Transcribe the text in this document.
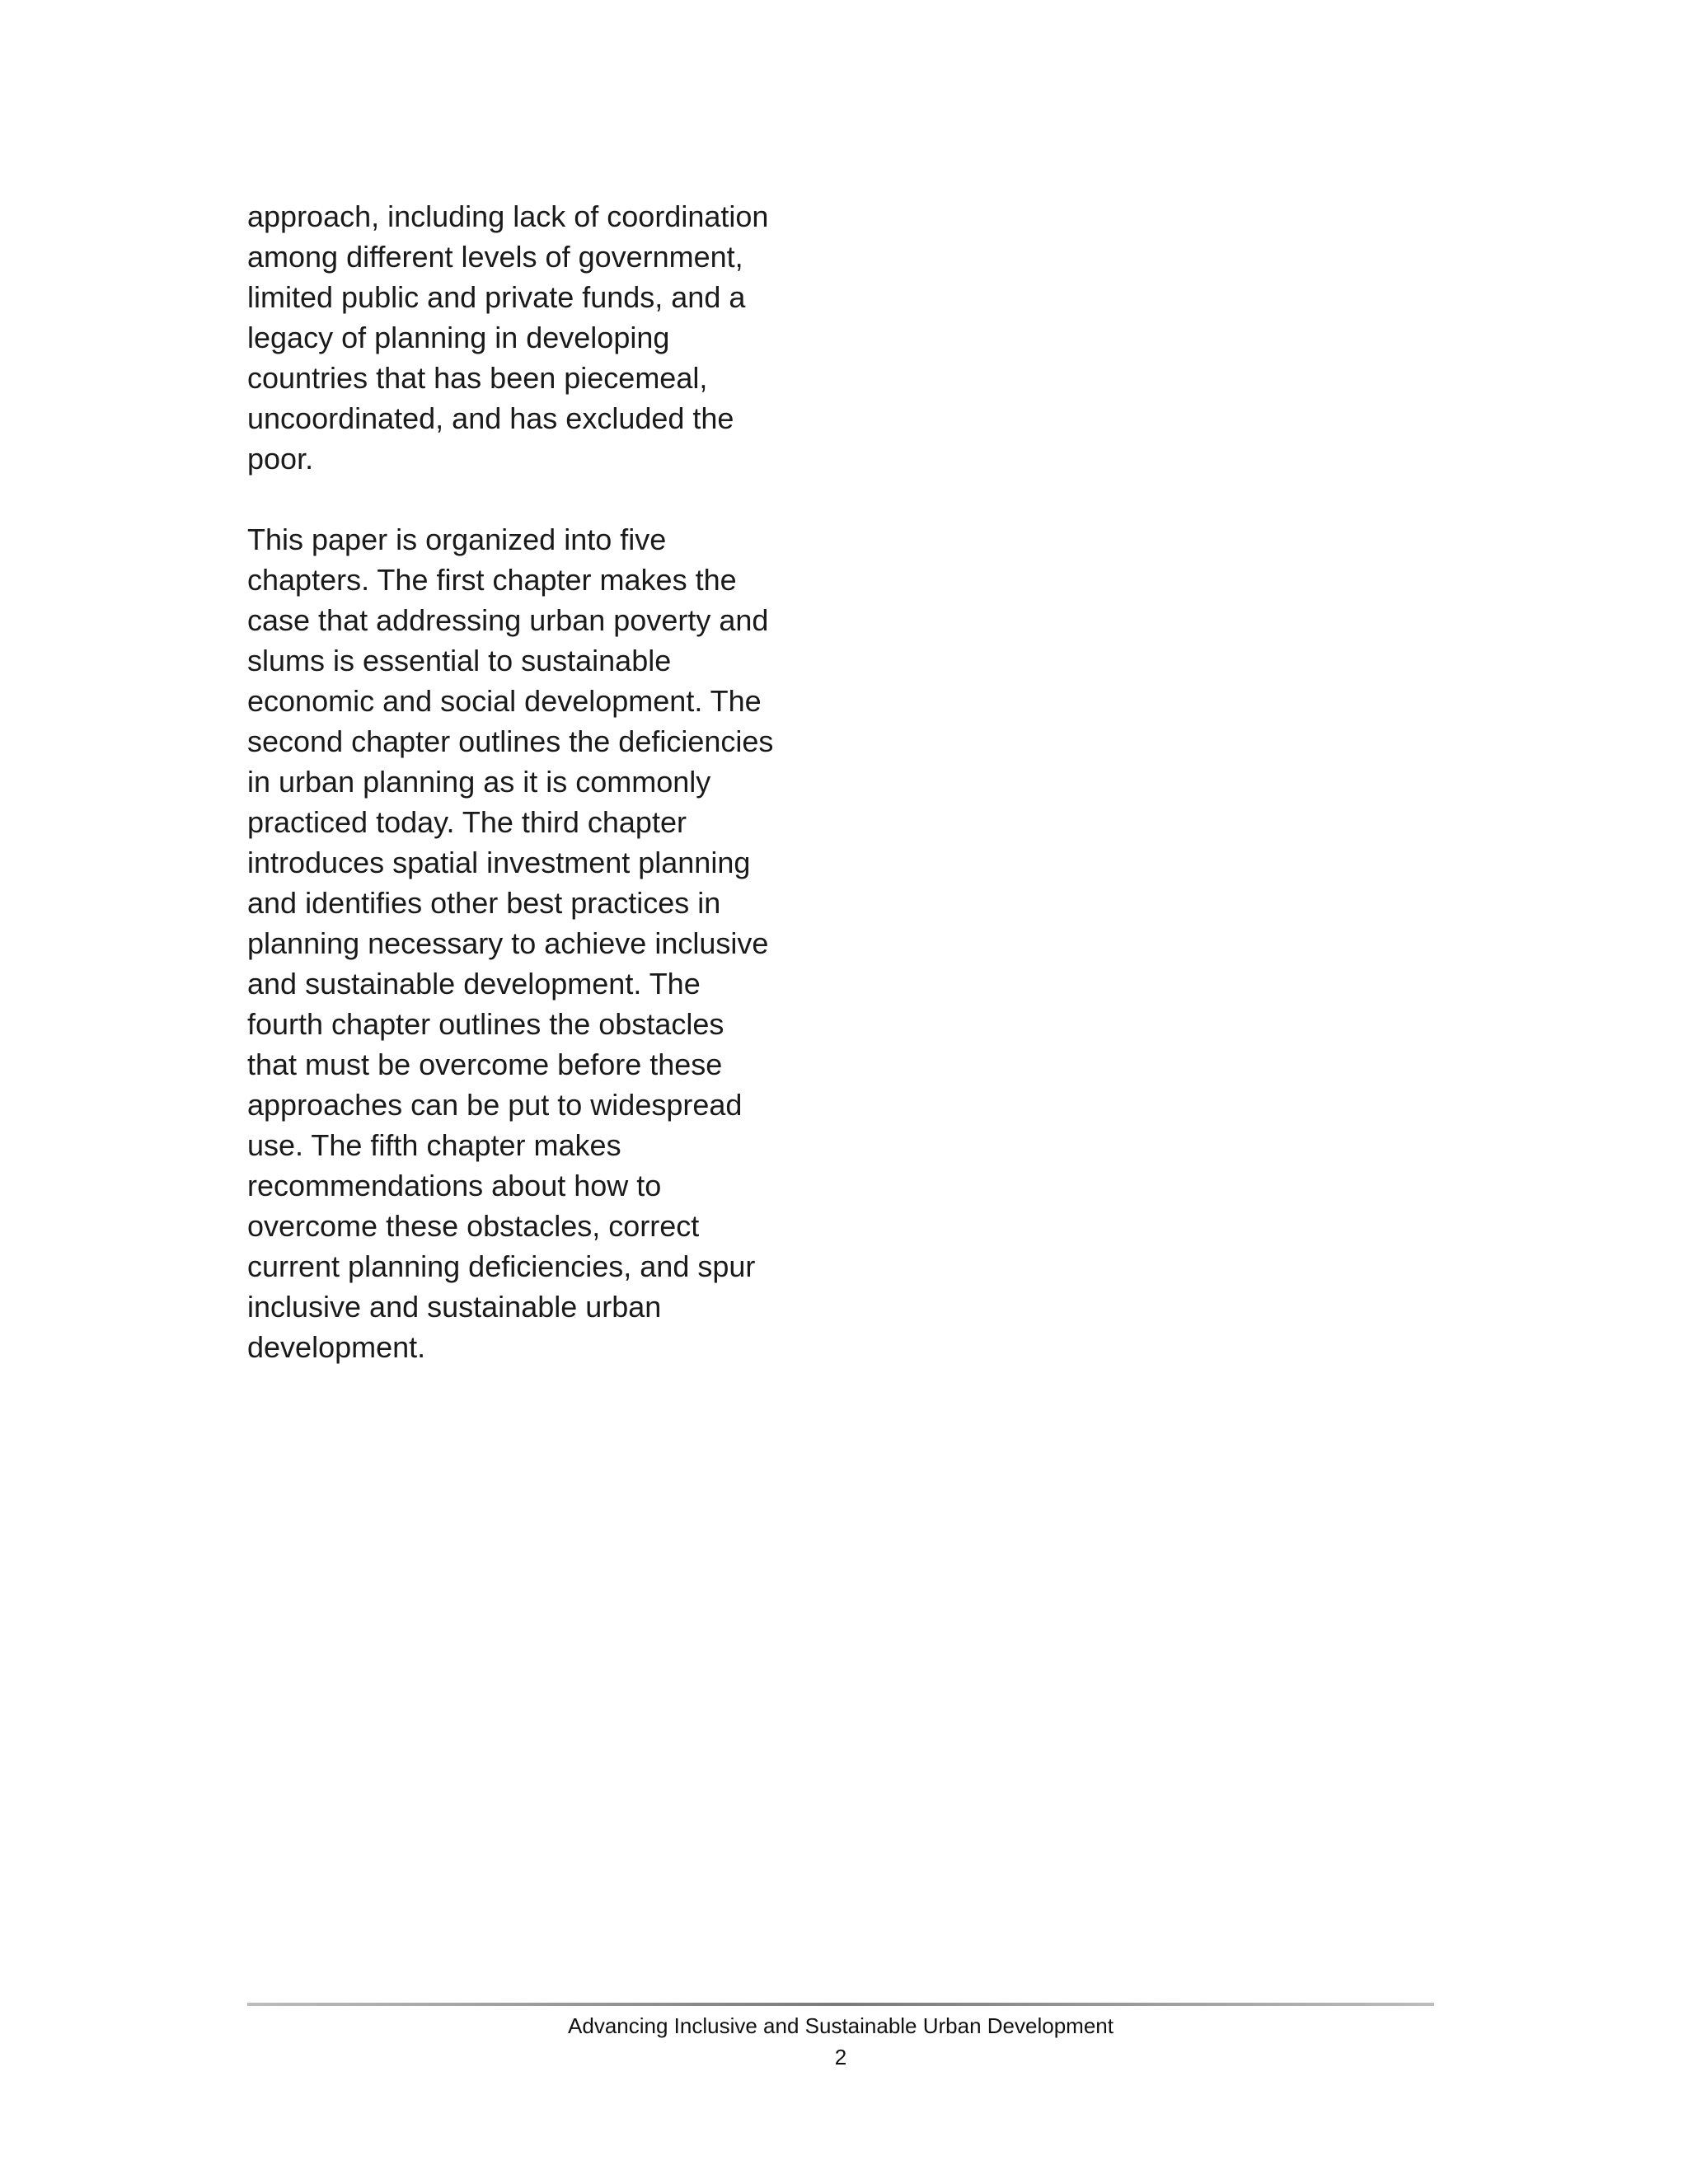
approach, including lack of coordination
among different levels of government,
limited public and private funds, and a
legacy of planning in developing
countries that has been piecemeal,
uncoordinated, and has excluded the
poor.

This paper is organized into five
chapters. The first chapter makes the
case that addressing urban poverty and
slums is essential to sustainable
economic and social development. The
second chapter outlines the deficiencies
in urban planning as it is commonly
practiced today. The third chapter
introduces spatial investment planning
and identifies other best practices in
planning necessary to achieve inclusive
and sustainable development. The
fourth chapter outlines the obstacles
that must be overcome before these
approaches can be put to widespread
use. The fifth chapter makes
recommendations about how to
overcome these obstacles, correct
current planning deficiencies, and spur
inclusive and sustainable urban
development.

Advancing Inclusive and Sustainable Urban Development
2
